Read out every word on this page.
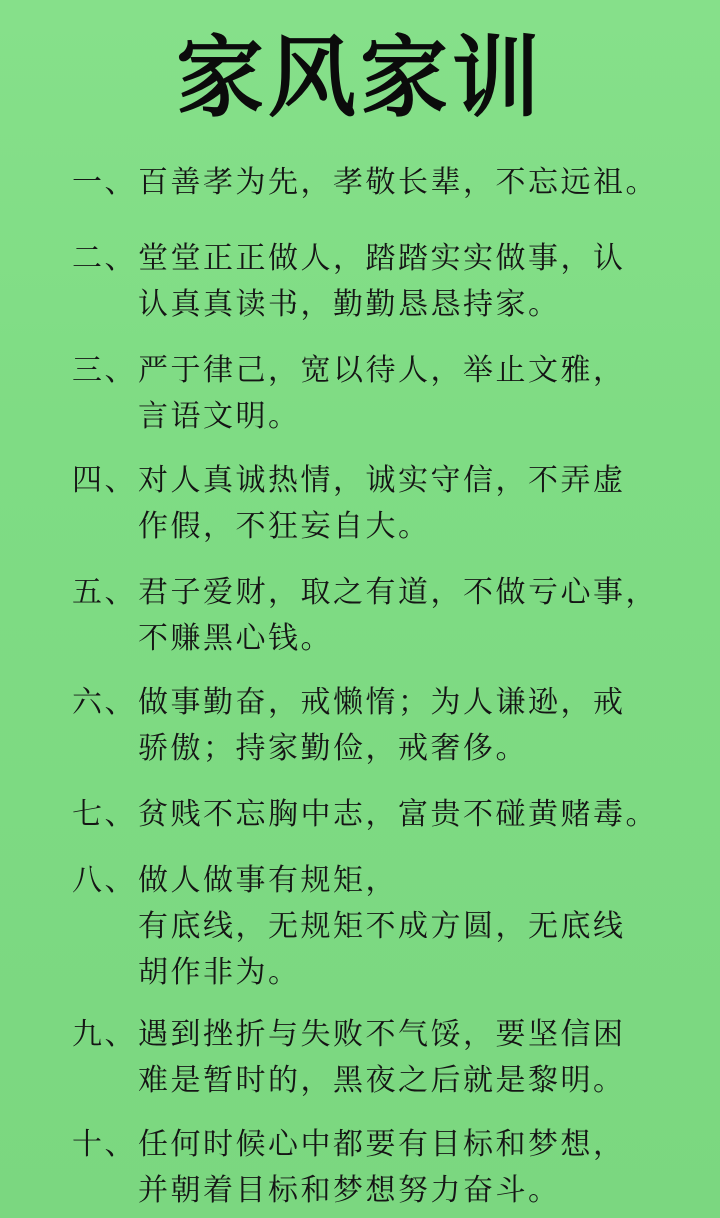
家风家训
一、 百善孝为先，孝敬长辈，不忘远祖。
二、 堂堂正正做人，踏踏实实做事，认
认真真读书，勤勤恳恳持家。
三、 严于律己，宽以待人，举止文雅，
言语文明。
四、 对人真诚热情，诚实守信，不弄虚
作假，不狂妄自大。
五、 君子爱财，取之有道，不做亏心事，
不赚黑心钱。
六、 做事勤奋，戒懒惰；为人谦逊，戒
骄傲；持家勤俭，戒奢侈。
七、 贫贱不忘胸中志，富贵不碰黄赌毒。
八、 做人做事有规矩，
有底线，无规矩不成方圆，无底线
胡作非为。
九、 遇到挫折与失败不气馁，要坚信困
难是暂时的，黑夜之后就是黎明。
十、 任何时候心中都要有目标和梦想，
并朝着目标和梦想努力奋斗。
